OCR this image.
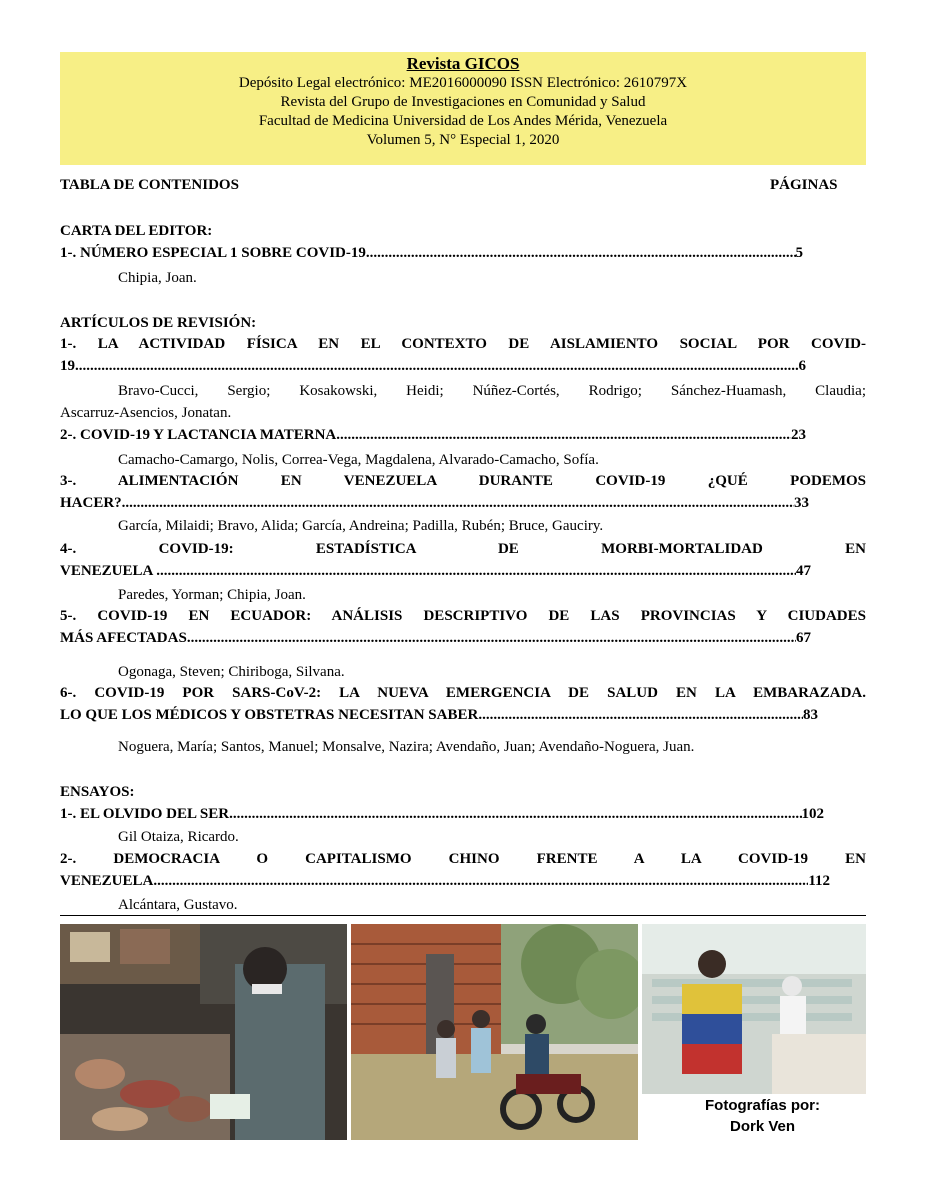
Revista GICOS
Depósito Legal electrónico: ME2016000090 ISSN Electrónico: 2610797X
Revista del Grupo de Investigaciones en Comunidad y Salud
Facultad de Medicina Universidad de Los Andes Mérida, Venezuela
Volumen 5, N° Especial 1, 2020
TABLA DE CONTENIDOS	PÁGINAS
CARTA DEL EDITOR:
1-. NÚMERO ESPECIAL 1 SOBRE COVID-19 .....	5
Chipia, Joan.
ARTÍCULOS DE REVISIÓN:
1-. LA ACTIVIDAD FÍSICA EN EL CONTEXTO DE AISLAMIENTO SOCIAL POR COVID-
19 .....	6
Bravo-Cucci, Sergio; Kosakowski, Heidi; Núñez-Cortés, Rodrigo; Sánchez-Huamash, Claudia;
Ascarruz-Asencios, Jonatan.
2-. COVID-19 Y LACTANCIA MATERNA .....	23
Camacho-Camargo, Nolis, Correa-Vega, Magdalena, Alvarado-Camacho, Sofía.
3-. ALIMENTACIÓN EN VENEZUELA DURANTE COVID-19 ¿QUÉ PODEMOS
HACER? .....	33
García, Milaidi; Bravo, Alida; García, Andreina; Padilla, Rubén; Bruce, Gauciry.
4-. COVID-19: ESTADÍSTICA DE MORBI-MORTALIDAD EN
VENEZUELA .....	47
Paredes, Yorman; Chipia, Joan.
5-. COVID-19 EN ECUADOR: ANÁLISIS DESCRIPTIVO DE LAS PROVINCIAS Y CIUDADES
MÁS AFECTADAS .....	67
Ogonaga, Steven; Chiriboga, Silvana.
6-. COVID-19 POR SARS-CoV-2: LA NUEVA EMERGENCIA DE SALUD EN LA EMBARAZADA.
LO QUE LOS MÉDICOS Y OBSTETRAS NECESITAN SABER .....	83
Noguera, María; Santos, Manuel; Monsalve, Nazira; Avendaño, Juan; Avendaño-Noguera, Juan.
ENSAYOS:
1-. EL OLVIDO DEL SER .....	102
Gil Otaiza, Ricardo.
2-. DEMOCRACIA O CAPITALISMO CHINO FRENTE A LA COVID-19 EN
VENEZUELA .....	112
Alcántara, Gustavo.
Fotografías por:
Dork Ven
